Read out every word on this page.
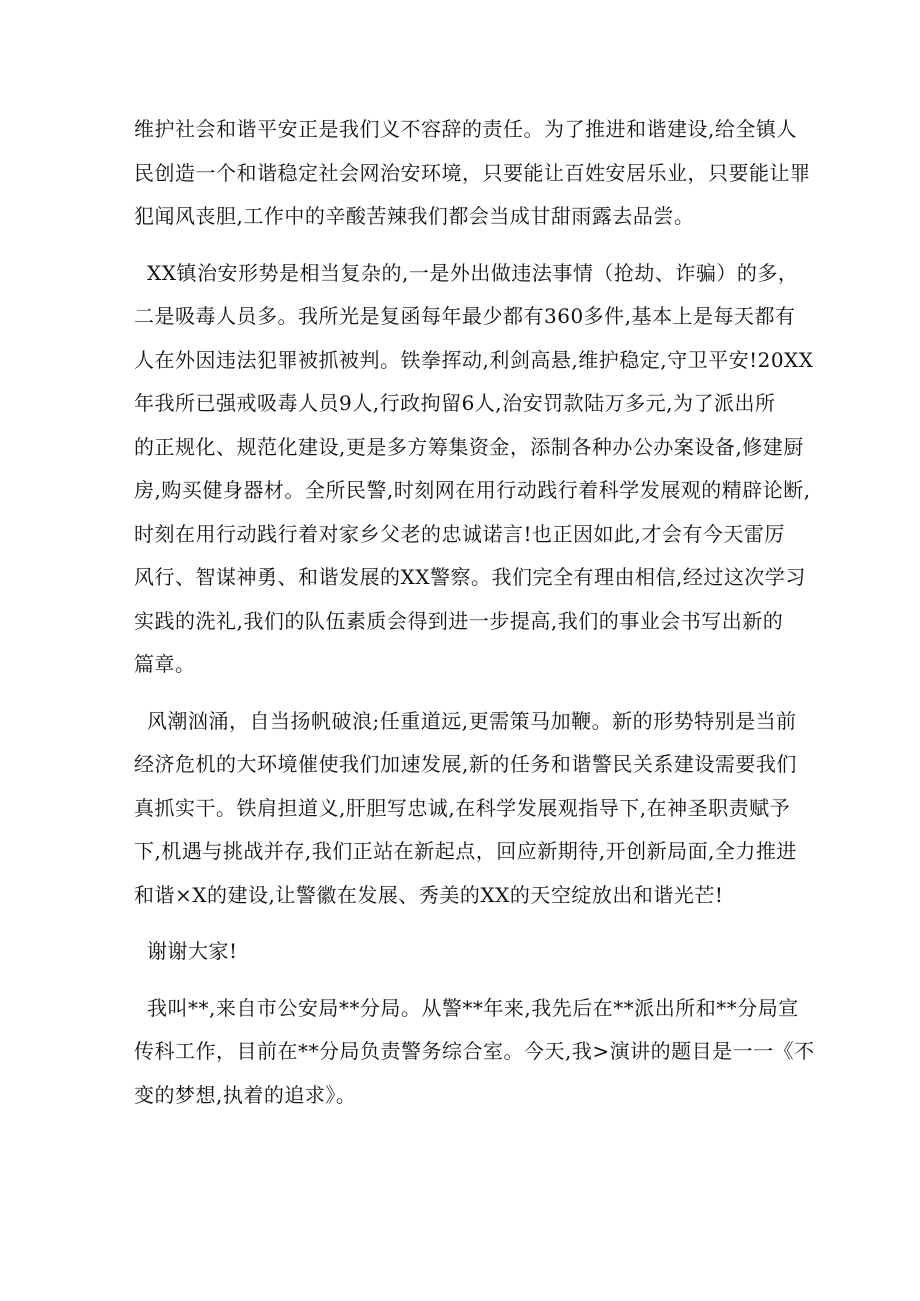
维护社会和谐平安正是我们义不容辞的责任。为了推进和谐建设,给全镇人
民创造一个和谐稳定社会网治安环境，只要能让百姓安居乐业，只要能让罪
犯闻风丧胆,工作中的辛酸苦辣我们都会当成甘甜雨露去品尝。

XX镇治安形势是相当复杂的,一是外出做违法事情（抢劫、诈骗）的多，
二是吸毒人员多。我所光是复函每年最少都有360多件,基本上是每天都有
人在外因违法犯罪被抓被判。铁拳挥动,利剑高悬,维护稳定,守卫平安!20XX
年我所已强戒吸毒人员9人,行政拘留6人,治安罚款陆万多元,为了派出所
的正规化、规范化建设,更是多方筹集资金，添制各种办公办案设备,修建厨
房,购买健身器材。全所民警,时刻网在用行动践行着科学发展观的精辟论断,
时刻在用行动践行着对家乡父老的忠诚诺言!也正因如此,才会有今天雷厉
风行、智谋神勇、和谐发展的XX警察。我们完全有理由相信,经过这次学习
实践的洗礼,我们的队伍素质会得到进一步提高,我们的事业会书写出新的
篇章。

风潮汹涌，自当扬帆破浪;任重道远,更需策马加鞭。新的形势特别是当前
经济危机的大环境催使我们加速发展,新的任务和谐警民关系建设需要我们
真抓实干。铁肩担道义,肝胆写忠诚,在科学发展观指导下,在神圣职责赋予
下,机遇与挑战并存,我们正站在新起点，回应新期待,开创新局面,全力推进
和谐×X的建设,让警徽在发展、秀美的XX的天空绽放出和谐光芒!

谢谢大家!

我叫**,来自市公安局**分局。从警**年来,我先后在**派出所和**分局宣
传科工作，目前在**分局负责警务综合室。今天,我>演讲的题目是一一《不
变的梦想,执着的追求》。
